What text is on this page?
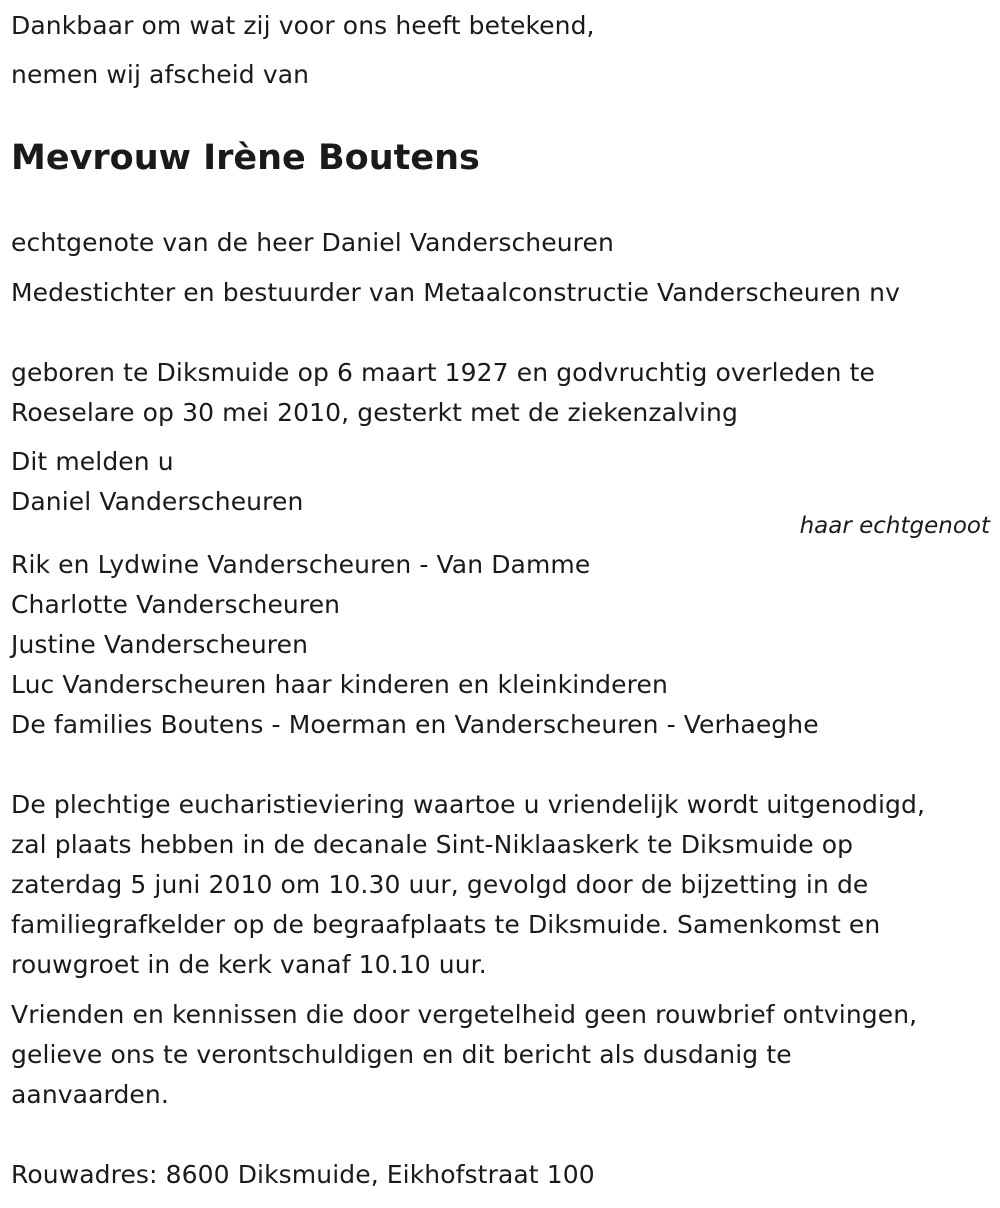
Dankbaar om wat zij voor ons heeft betekend,
nemen wij afscheid van
Mevrouw Irène Boutens
echtgenote van de heer Daniel Vanderscheuren
Medestichter en bestuurder van Metaalconstructie Vanderscheuren nv
geboren te Diksmuide op 6 maart 1927 en godvruchtig overleden te
Roeselare op 30 mei 2010, gesterkt met de ziekenzalving
Dit melden u
Daniel Vanderscheuren
haar echtgenoot
Rik en Lydwine Vanderscheuren - Van Damme
Charlotte Vanderscheuren
Justine Vanderscheuren
Luc Vanderscheuren haar kinderen en kleinkinderen
De families Boutens - Moerman en Vanderscheuren - Verhaeghe
De plechtige eucharistieviering waartoe u vriendelijk wordt uitgenodigd,
zal plaats hebben in de decanale Sint-Niklaaskerk te Diksmuide op
zaterdag 5 juni 2010 om 10.30 uur, gevolgd door de bijzetting in de
familiegrafkelder op de begraafplaats te Diksmuide. Samenkomst en
rouwgroet in de kerk vanaf 10.10 uur.
Vrienden en kennissen die door vergetelheid geen rouwbrief ontvingen,
gelieve ons te verontschuldigen en dit bericht als dusdanig te
aanvaarden.
Rouwadres: 8600 Diksmuide, Eikhofstraat 100
